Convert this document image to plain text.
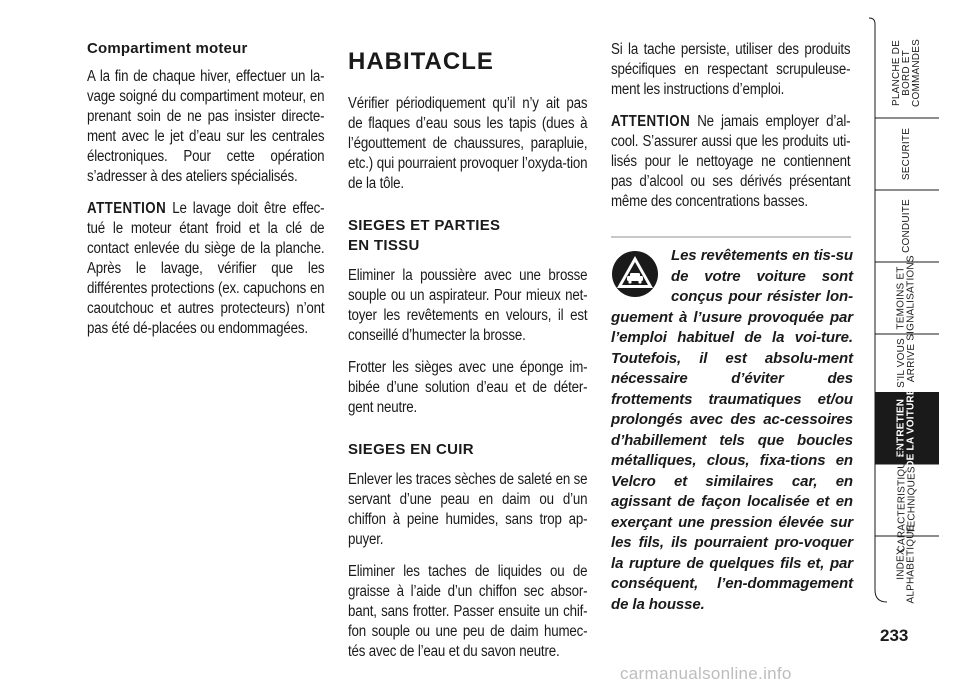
Compartiment moteur

A la fin de chaque hiver, effectuer un la-vage soigné du compartiment moteur, en prenant soin de ne pas insister directe-ment avec le jet d’eau sur les centrales électroniques. Pour cette opération s’adresser à des ateliers spécialisés.

ATTENTION Le lavage doit être effec-tué le moteur étant froid et la clé de contact enlevée du siège de la planche. Après le lavage, vérifier que les différentes protections (ex. capuchons en caoutchouc et autres protecteurs) n’ont pas été dé-placées ou endommagées.

HABITACLE

Vérifier périodiquement qu’il n’y ait pas de flaques d’eau sous les tapis (dues à l’égouttement de chaussures, parapluie, etc.) qui pourraient provoquer l’oxyda-tion de la tôle.

SIEGES ET PARTIES
EN TISSU

Eliminer la poussière avec une brosse souple ou un aspirateur. Pour mieux net-toyer les revêtements en velours, il est conseillé d’humecter la brosse.

Frotter les sièges avec une éponge im-bibée d’une solution d’eau et de déter-gent neutre.

SIEGES EN CUIR

Enlever les traces sèches de saleté en se servant d’une peau en daim ou d’un chiffon à peine humides, sans trop ap-puyer.

Eliminer les taches de liquides ou de graisse à l’aide d’un chiffon sec absor-bant, sans frotter. Passer ensuite un chif-fon souple ou une peu de daim humec-tés avec de l’eau et du savon neutre.

Si la tache persiste, utiliser des produits spécifiques en respectant scrupuleuse-ment les instructions d’emploi.

ATTENTION Ne jamais employer d’al-cool. S’assurer aussi que les produits uti-lisés pour le nettoyage ne contiennent pas d’alcool ou ses dérivés présentant même des concentrations basses.

Les revêtements en tis-su de votre voiture sont conçus pour résister lon-guement à l’usure provoquée par l’emploi habituel de la voi-ture. Toutefois, il est absolu-ment nécessaire d’éviter des frottements traumatiques et/ou prolongés avec des ac-cessoires d’habillement tels que boucles métalliques, clous, fixa-tions en Velcro et similaires car, en agissant de façon localisée et en exerçant une pression élevée sur les fils, ils pourraient pro-voquer la rupture de quelques fils et, par conséquent, l’en-dommagement de la housse.
PLANCHE DE
BORD ET
COMMANDES
SECURITE
CONDUITE
TEMOINS ET
SIGNALISATIONS
S’IL VOUS
ARRIVE
ENTRETIEN
DE LA VOITURE
CARACTERISTIQUES
TECHNIQUES
INDEX
ALPHABETIQUE
233
carmanualsonline.info
